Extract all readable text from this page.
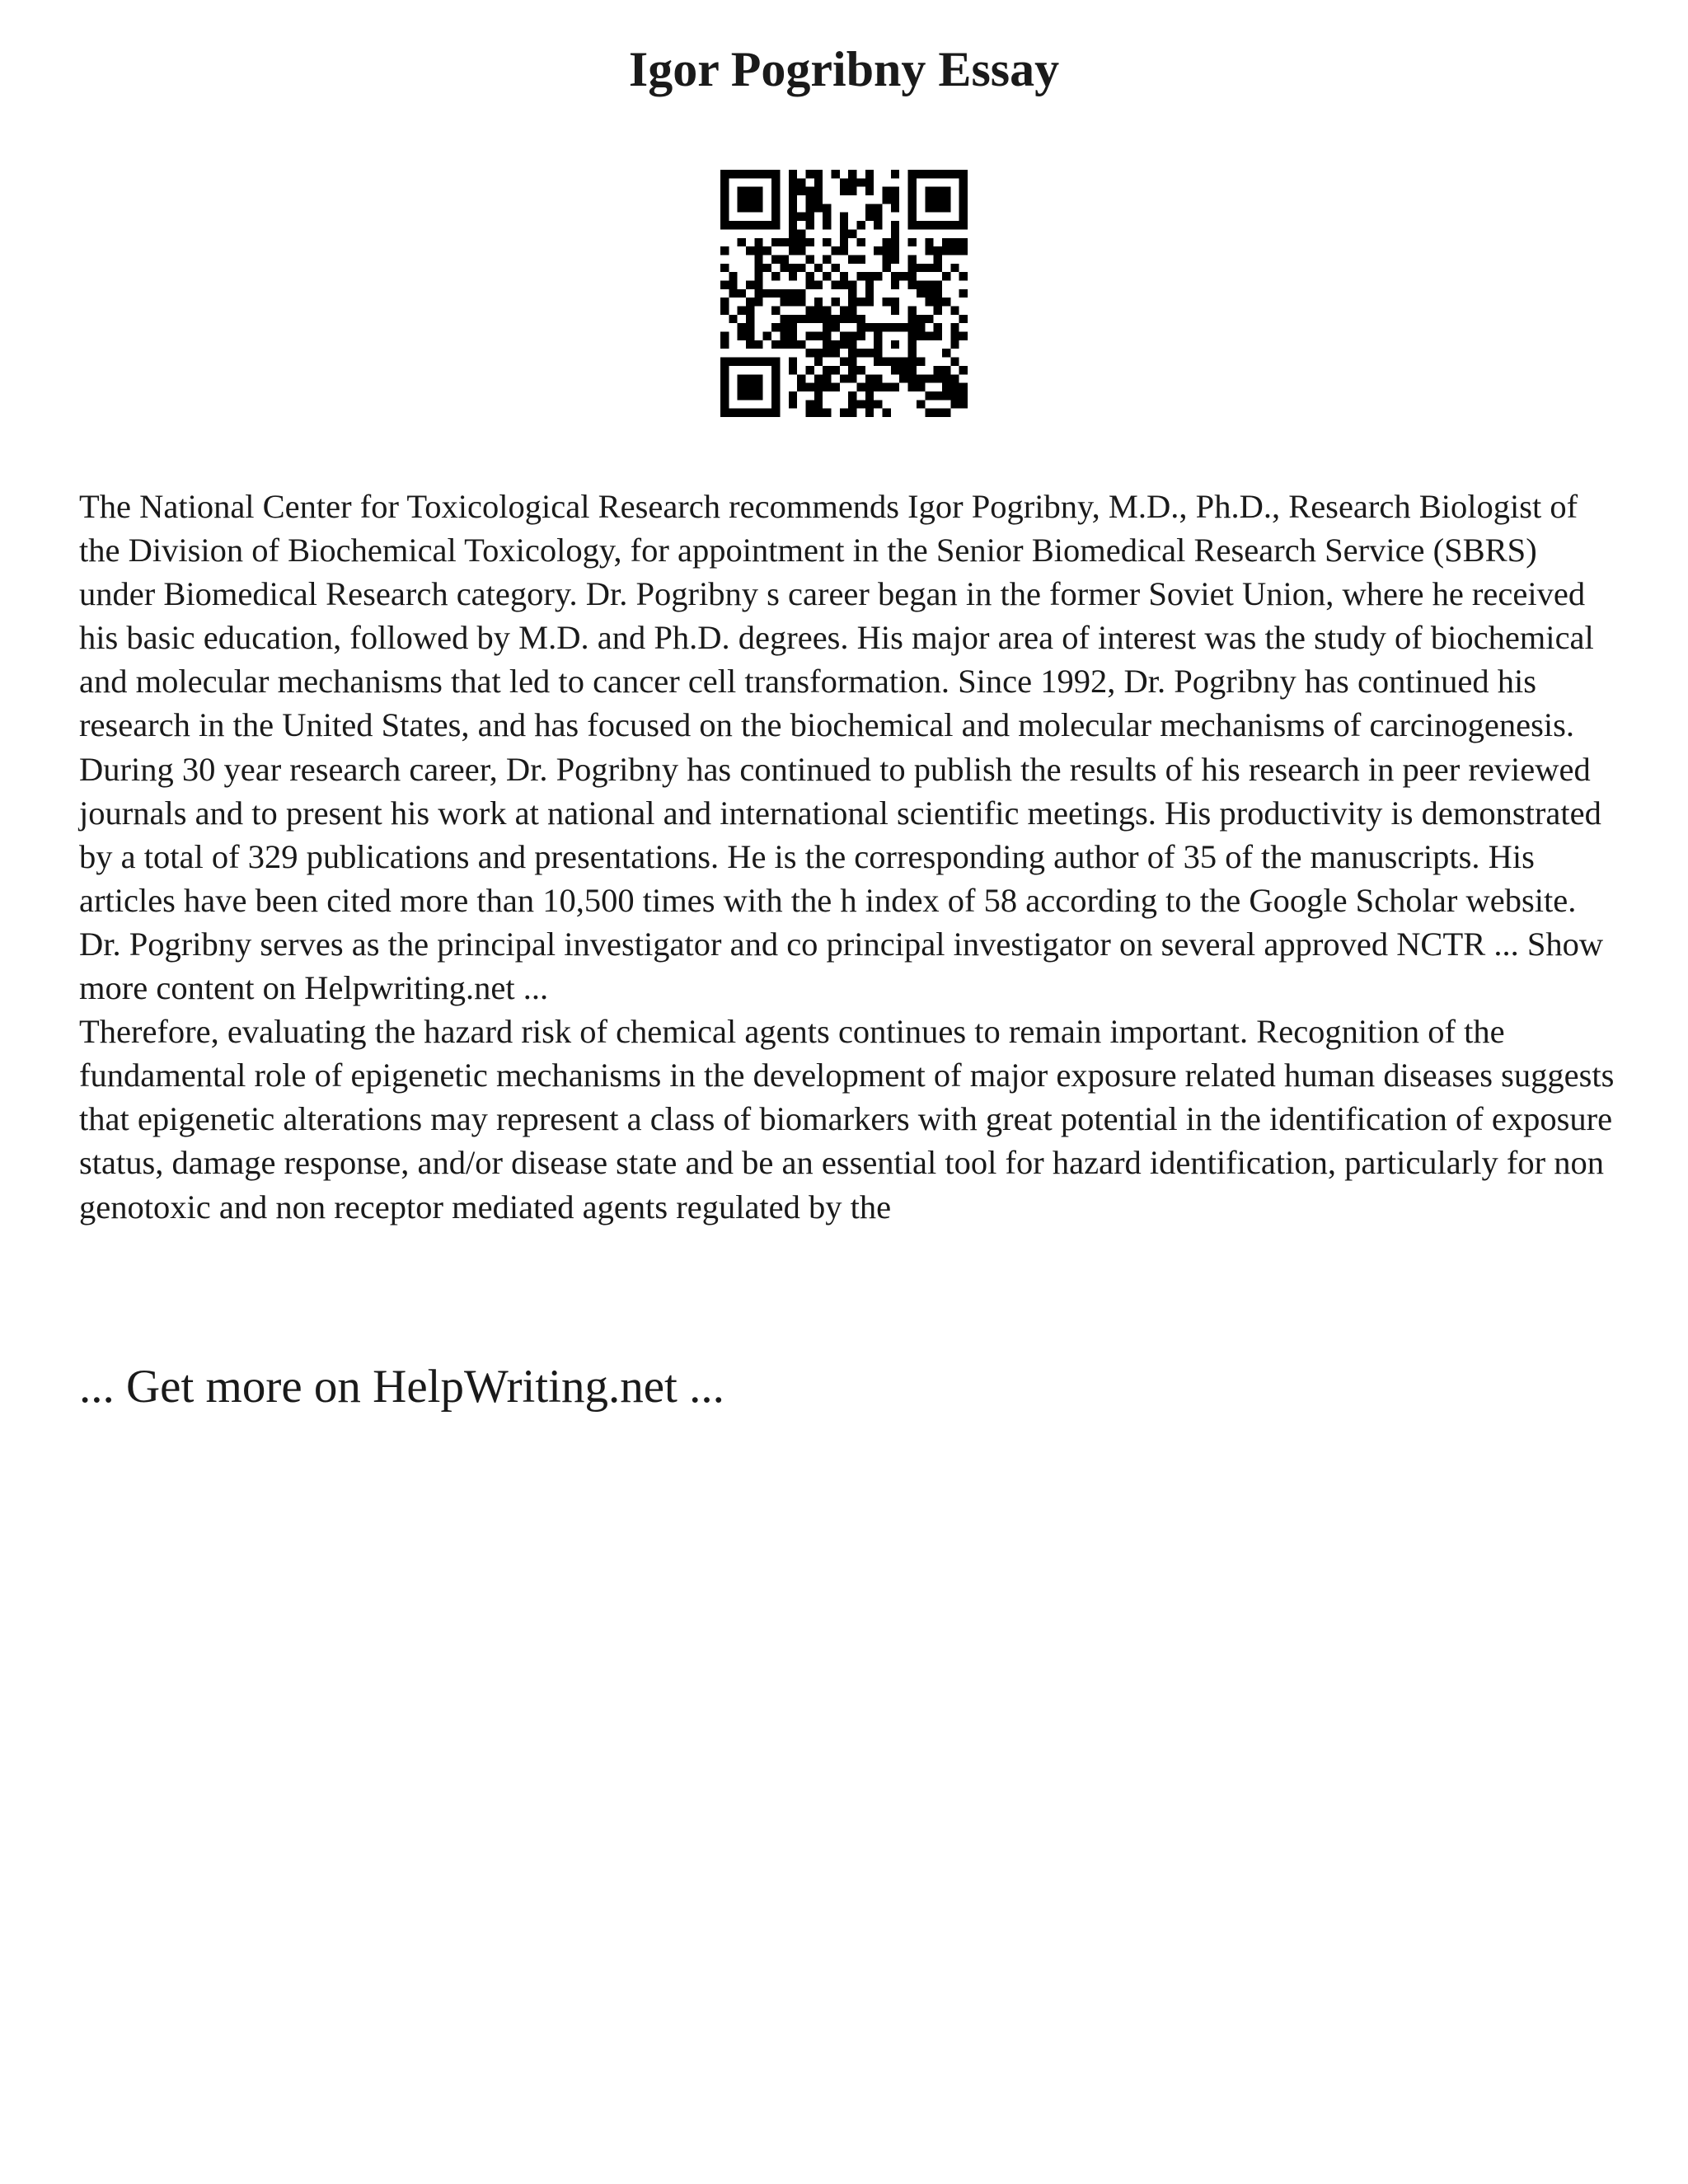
Igor Pogribny Essay

The National Center for Toxicological Research recommends Igor Pogribny, M.D., Ph.D., Research Biologist of the Division of Biochemical Toxicology, for appointment in the Senior Biomedical Research Service (SBRS) under Biomedical Research category. Dr. Pogribny s career began in the former Soviet Union, where he received his basic education, followed by M.D. and Ph.D. degrees. His major area of interest was the study of biochemical and molecular mechanisms that led to cancer cell transformation. Since 1992, Dr. Pogribny has continued his research in the United States, and has focused on the biochemical and molecular mechanisms of carcinogenesis. During 30 year research career, Dr. Pogribny has continued to publish the results of his research in peer reviewed journals and to present his work at national and international scientific meetings. His productivity is demonstrated by a total of 329 publications and presentations. He is the corresponding author of 35 of the manuscripts. His articles have been cited more than 10,500 times with the h index of 58 according to the Google Scholar website. Dr. Pogribny serves as the principal investigator and co principal investigator on several approved NCTR ... Show more content on Helpwriting.net ...

Therefore, evaluating the hazard risk of chemical agents continues to remain important. Recognition of the fundamental role of epigenetic mechanisms in the development of major exposure related human diseases suggests that epigenetic alterations may represent a class of biomarkers with great potential in the identification of exposure status, damage response, and/or disease state and be an essential tool for hazard identification, particularly for non genotoxic and non receptor mediated agents regulated by the

... Get more on HelpWriting.net ...
